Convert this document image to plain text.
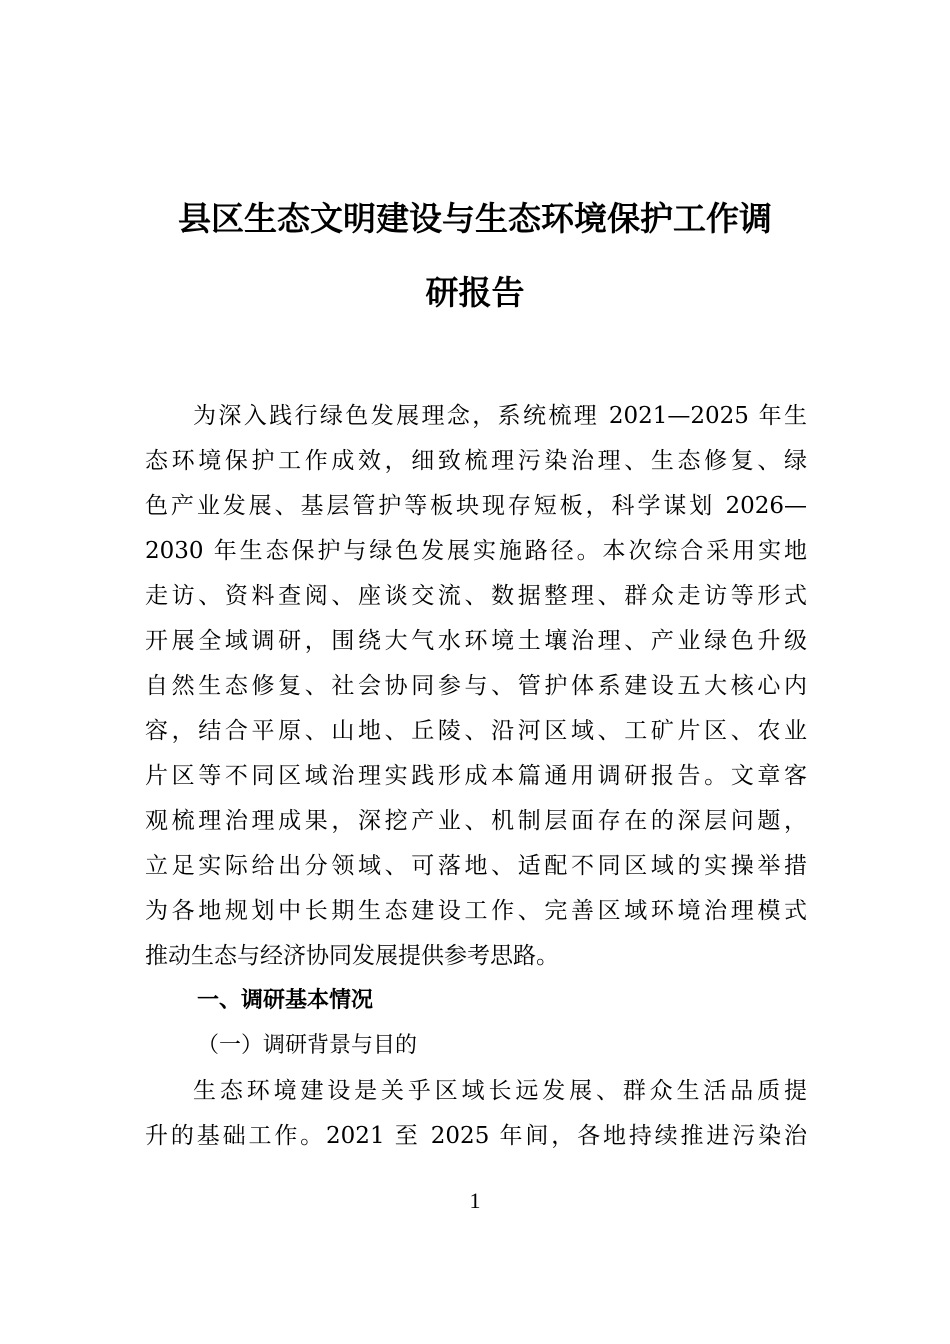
县区生态文明建设与生态环境保护工作调
研报告
为深入践行绿色发展理念，系统梳理 2021—2025 年生
态环境保护工作成效，细致梳理污染治理、生态修复、绿
色产业发展、基层管护等板块现存短板，科学谋划 2026—
2030 年生态保护与绿色发展实施路径。本次综合采用实地
走访、资料查阅、座谈交流、数据整理、群众走访等形式
开展全域调研，围绕大气水环境土壤治理、产业绿色升级
自然生态修复、社会协同参与、管护体系建设五大核心内
容，结合平原、山地、丘陵、沿河区域、工矿片区、农业
片区等不同区域治理实践形成本篇通用调研报告。文章客
观梳理治理成果，深挖产业、机制层面存在的深层问题，
立足实际给出分领域、可落地、适配不同区域的实操举措
为各地规划中长期生态建设工作、完善区域环境治理模式
推动生态与经济协同发展提供参考思路。
一、调研基本情况
（一）调研背景与目的
生态环境建设是关乎区域长远发展、群众生活品质提
升的基础工作。2021 至 2025 年间，各地持续推进污染治
1
